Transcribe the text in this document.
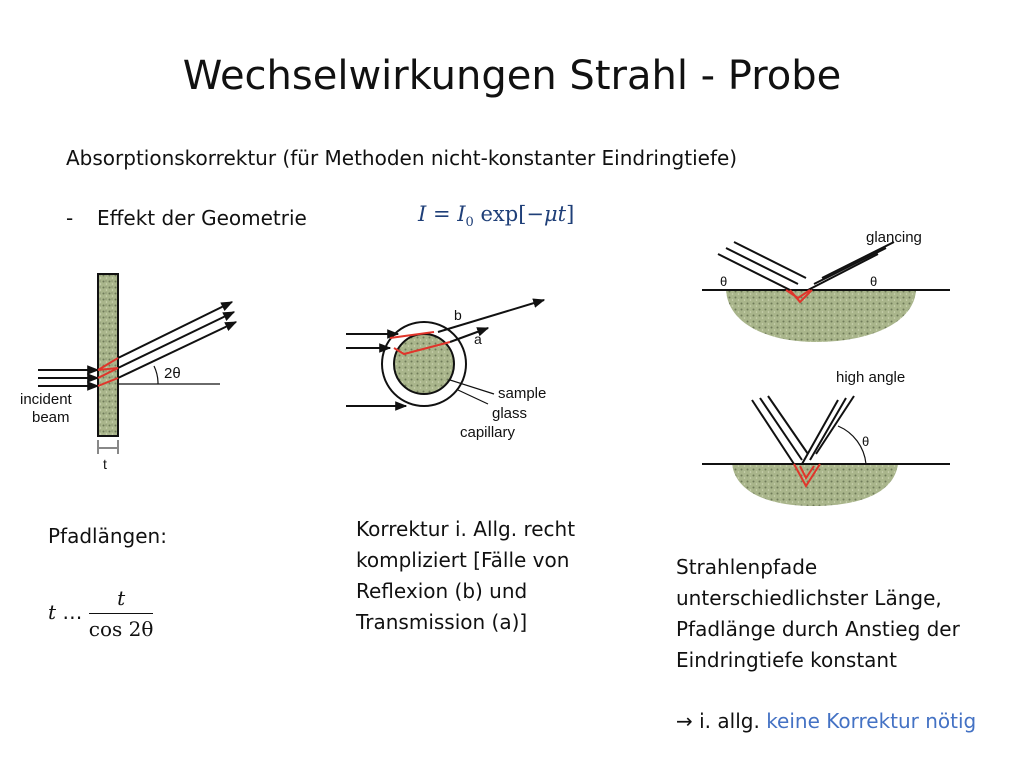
Wechselwirkungen Strahl - Probe
Absorptionskorrektur (für Methoden nicht-konstanter Eindringtiefe)
- Effekt der Geometrie	$I = I_0$ exp[−μt]
2θ
incident
beam
t
b
a
sample
glass
capillary
glancing
θ	θ
high angle
θ
Pfadlängen:
t … $\frac{t}{\cos 2\theta}$
Korrektur i. Allg. recht
kompliziert [Fälle von
Reflexion (b) und
Transmission (a)]
Strahlenpfade
unterschiedlichster Länge,
Pfadlänge durch Anstieg der
Eindringtiefe konstant
→ i. allg. keine Korrektur nötig
